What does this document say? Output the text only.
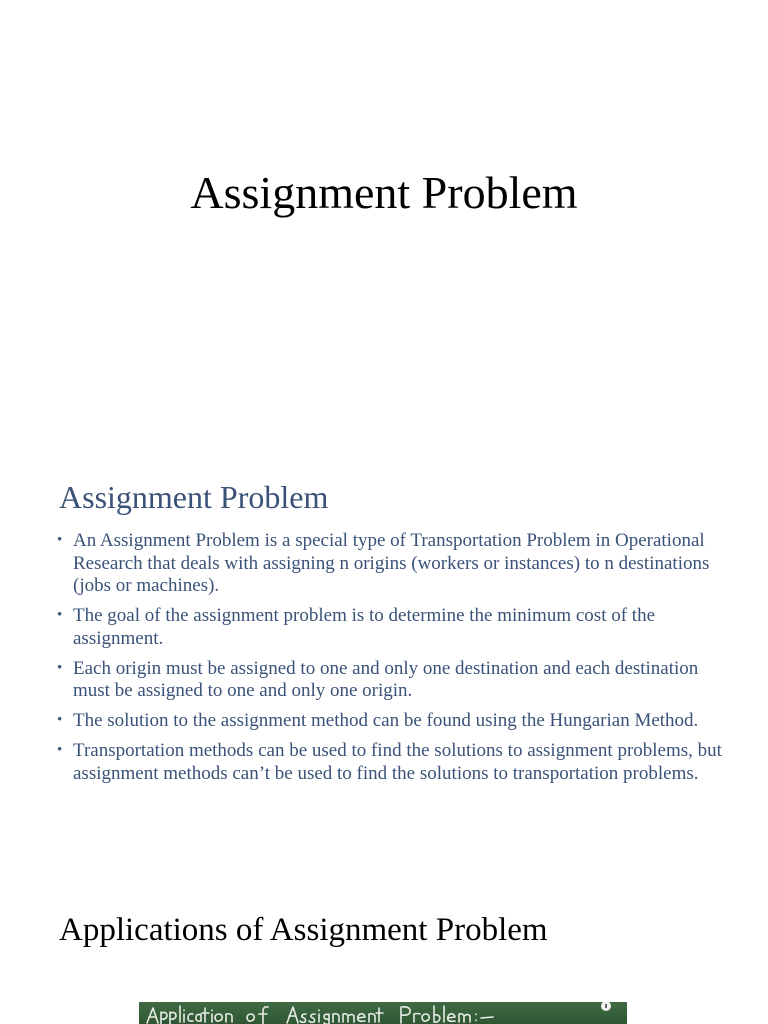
Assignment Problem
Assignment Problem
• An Assignment Problem is a special type of Transportation Problem in Operational Research that deals with assigning n origins (workers or instances) to n destinations (jobs or machines).
• The goal of the assignment problem is to determine the minimum cost of the assignment.
• Each origin must be assigned to one and only one destination and each destination must be assigned to one and only one origin.
• The solution to the assignment method can be found using the Hungarian Method.
• Transportation methods can be used to find the solutions to assignment problems, but assignment methods can’t be used to find the solutions to transportation problems.
Applications of Assignment Problem
